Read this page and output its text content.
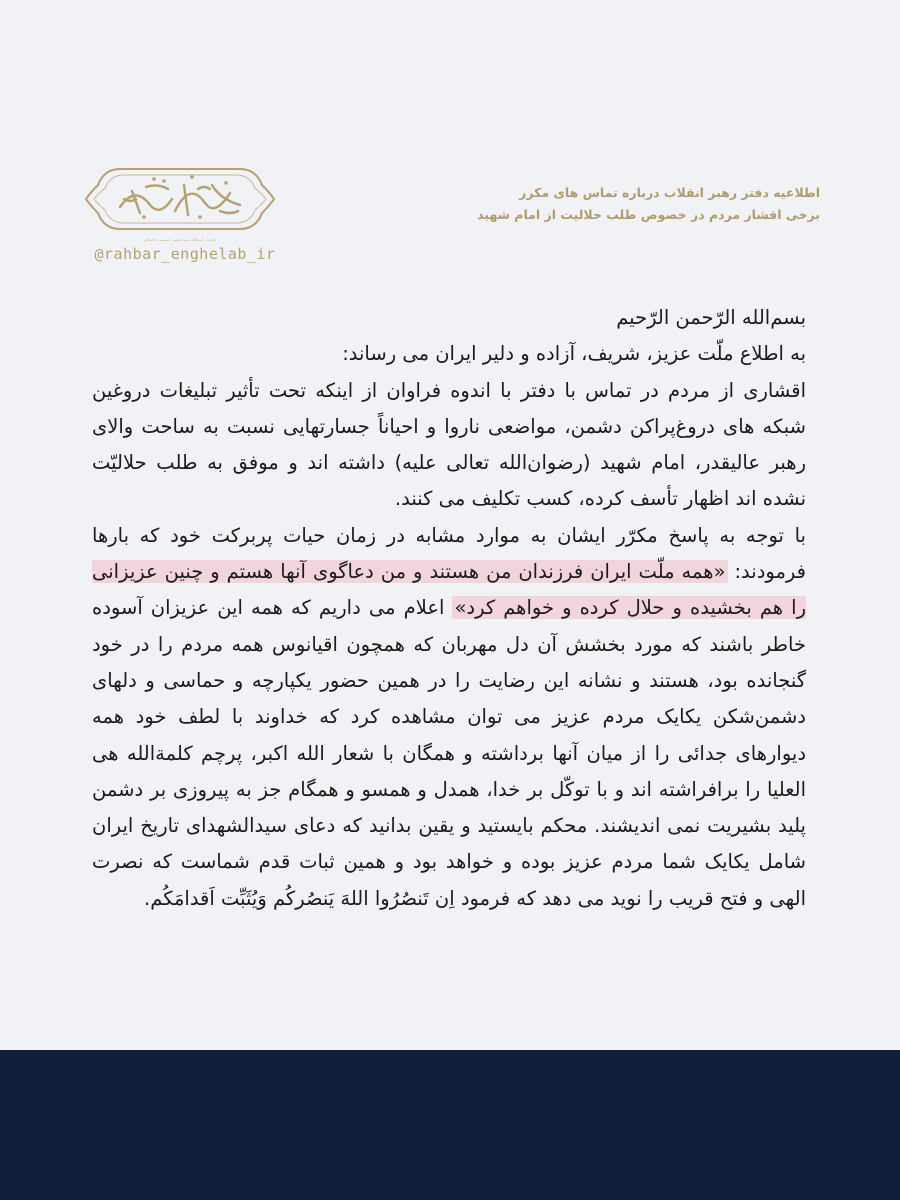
حضرت آیت‌الله سید مجتبی حسینی خامنه‌ای
@rahbar_enghelab_ir
اطلاعیه دفتر رهبر انقلاب درباره تماس های مکرر
برخی اقشار مردم در خصوص طلب حلالیت از امام شهید

بسم‌الله الرّحمن الرّحیم

به اطلاع ملّت عزیز، شریف، آزاده و دلیر ایران می رساند:

اقشاری از مردم در تماس با دفتر با اندوه فراوان از اینکه تحت تأثیر تبلیغات دروغین شبکه های دروغ‌پراکن دشمن، مواضعی ناروا و احیاناً جسارتهایی نسبت به ساحت والای رهبر عالیقدر، امام شهید (رضوان‌الله تعالی علیه) داشته اند و موفق به طلب حلالیّت نشده اند اظهار تأسف کرده، کسب تکلیف می کنند.

با توجه به پاسخ مکرّر ایشان به موارد مشابه در زمان حیات پربرکت خود که بارها فرمودند: «همه ملّت ایران فرزندان من هستند و من دعاگوی آنها هستم و چنین عزیزانی را هم بخشیده و حلال کرده و خواهم کرد» اعلام می داریم که همه این عزیزان آسوده خاطر باشند که مورد بخشش آن دل مهربان که همچون اقیانوس همه مردم را در خود گنجانده بود، هستند و نشانه این رضایت را در همین حضور یکپارچه و حماسی و دلهای دشمن‌شکن یکایک مردم عزیز می توان مشاهده کرد که خداوند با لطف خود همه دیوارهای جدائی را از میان آنها برداشته و همگان با شعار الله اکبر، پرچم کلمةالله هی العلیا را برافراشته اند و با توکّل بر خدا، همدل و همسو و همگام جز به پیروزی بر دشمن پلید بشیریت نمی اندیشند. محکم بایستید و یقین بدانید که دعای سیدالشهدای تاریخ ایران شامل یکایک شما مردم عزیز بوده و خواهد بود و همین ثبات قدم شماست که نصرت الهی و فتح قریب را نوید می دهد که فرمود اِن تَنصُرُوا اللهَ یَنصُرکُم وَیُثَبِّت اَقدامَکُم.
